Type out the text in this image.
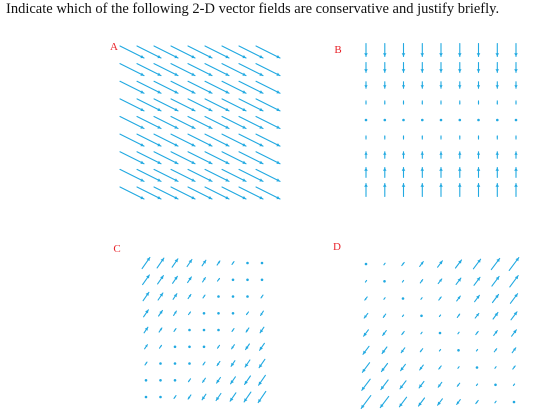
Indicate which of the following 2-D vector fields are conservative and justify briefly.

A	B
C	D
